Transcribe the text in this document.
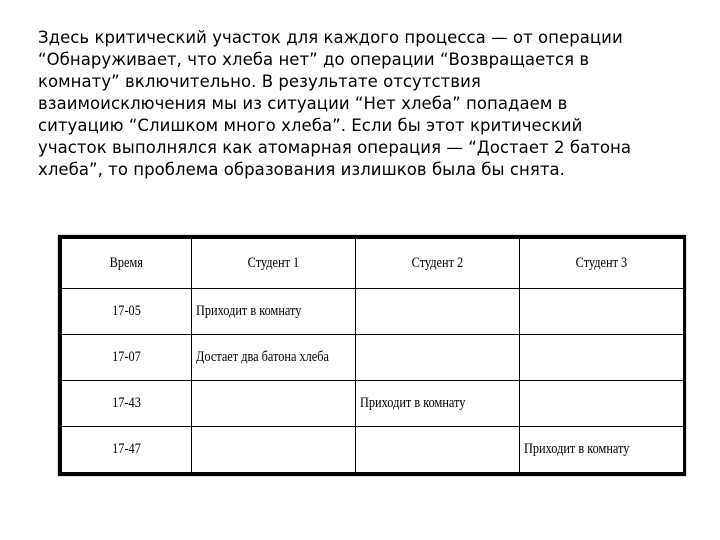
Здесь критический участок для каждого процесса — от операции
“Обнаруживает, что хлеба нет” до операции “Возвращается в
комнату” включительно. В результате отсутствия
взаимоисключения мы из ситуации “Нет хлеба” попадаем в
ситуацию “Слишком много хлеба”. Если бы этот критический
участок выполнялся как атомарная операция — “Достает 2 батона
хлеба”, то проблема образования излишков была бы снята.
Время	Студент 1	Студент 2	Студент 3
17-05	Приходит в комнату		
17-07	Достает два батона хлеба		
17-43		Приходит в комнату	
17-47			Приходит в комнату
